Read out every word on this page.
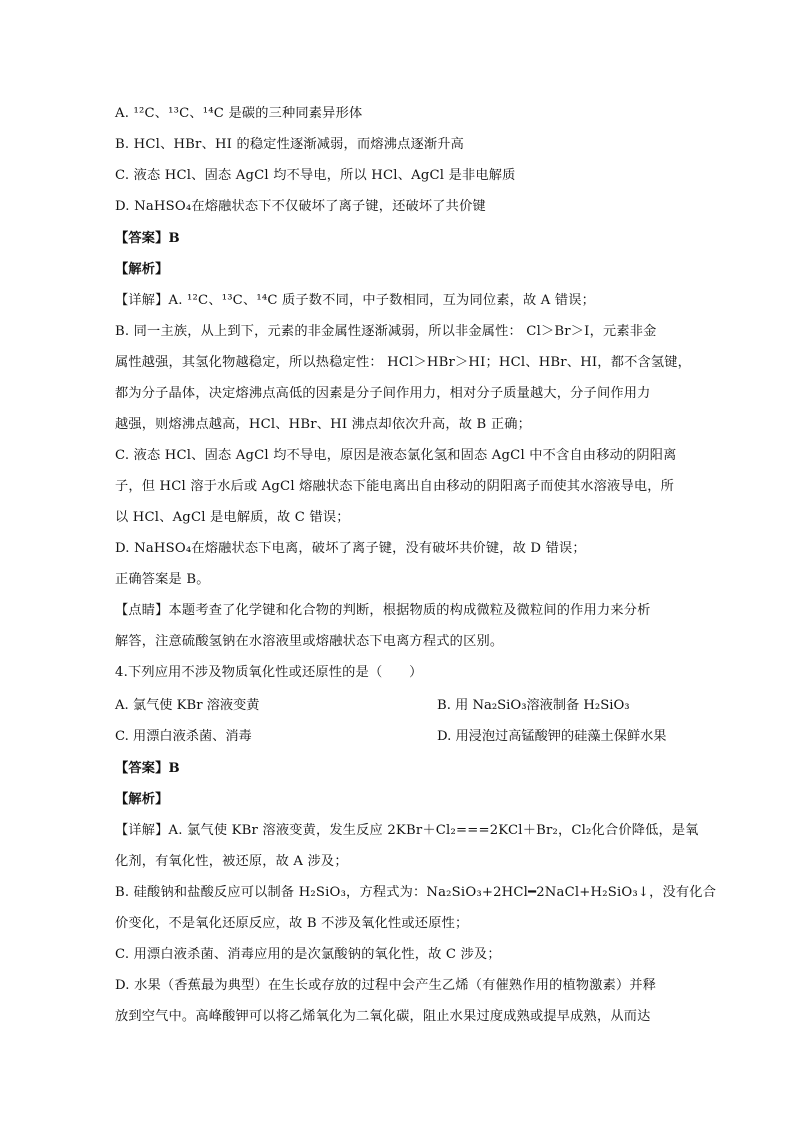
A. ¹²C、¹³C、¹⁴C 是碳的三种同素异形体
B. HCl、HBr、HI 的稳定性逐渐减弱，而熔沸点逐渐升高
C. 液态 HCl、固态 AgCl 均不导电，所以 HCl、AgCl 是非电解质
D. NaHSO₄在熔融状态下不仅破坏了离子键，还破坏了共价键
【答案】B
【解析】
【详解】A. ¹²C、¹³C、¹⁴C 质子数不同，中子数相同，互为同位素，故 A 错误；
B. 同一主族，从上到下，元素的非金属性逐渐减弱，所以非金属性： Cl＞Br＞I，元素非金
属性越强，其氢化物越稳定，所以热稳定性： HCl＞HBr＞HI；HCl、HBr、HI，都不含氢键，
都为分子晶体，决定熔沸点高低的因素是分子间作用力，相对分子质量越大，分子间作用力
越强，则熔沸点越高，HCl、HBr、HI 沸点却依次升高，故 B 正确；
C. 液态 HCl、固态 AgCl 均不导电，原因是液态氯化氢和固态 AgCl 中不含自由移动的阴阳离
子，但 HCl 溶于水后或 AgCl 熔融状态下能电离出自由移动的阴阳离子而使其水溶液导电，所
以 HCl、AgCl 是电解质，故 C 错误；
D. NaHSO₄在熔融状态下电离，破坏了离子键，没有破坏共价键，故 D 错误；
正确答案是 B。
【点睛】本题考查了化学键和化合物的判断，根据物质的构成微粒及微粒间的作用力来分析
解答，注意硫酸氢钠在水溶液里或熔融状态下电离方程式的区别。
4.下列应用不涉及物质氧化性或还原性的是（　　）
A. 氯气使 KBr 溶液变黄	B. 用 Na₂SiO₃溶液制备 H₂SiO₃
C. 用漂白液杀菌、消毒	D. 用浸泡过高锰酸钾的硅藻土保鲜水果
【答案】B
【解析】
【详解】A. 氯气使 KBr 溶液变黄，发生反应 2KBr＋Cl₂===2KCl＋Br₂，Cl₂化合价降低，是氧
化剂，有氧化性，被还原，故 A 涉及；
B. 硅酸钠和盐酸反应可以制备 H₂SiO₃，方程式为：Na₂SiO₃+2HCl━2NaCl+H₂SiO₃↓，没有化合
价变化，不是氧化还原反应，故 B 不涉及氧化性或还原性；
C. 用漂白液杀菌、消毒应用的是次氯酸钠的氧化性，故 C 涉及；
D. 水果（香蕉最为典型）在生长或存放的过程中会产生乙烯（有催熟作用的植物激素）并释
放到空气中。高峰酸钾可以将乙烯氧化为二氧化碳，阻止水果过度成熟或提早成熟，从而达
